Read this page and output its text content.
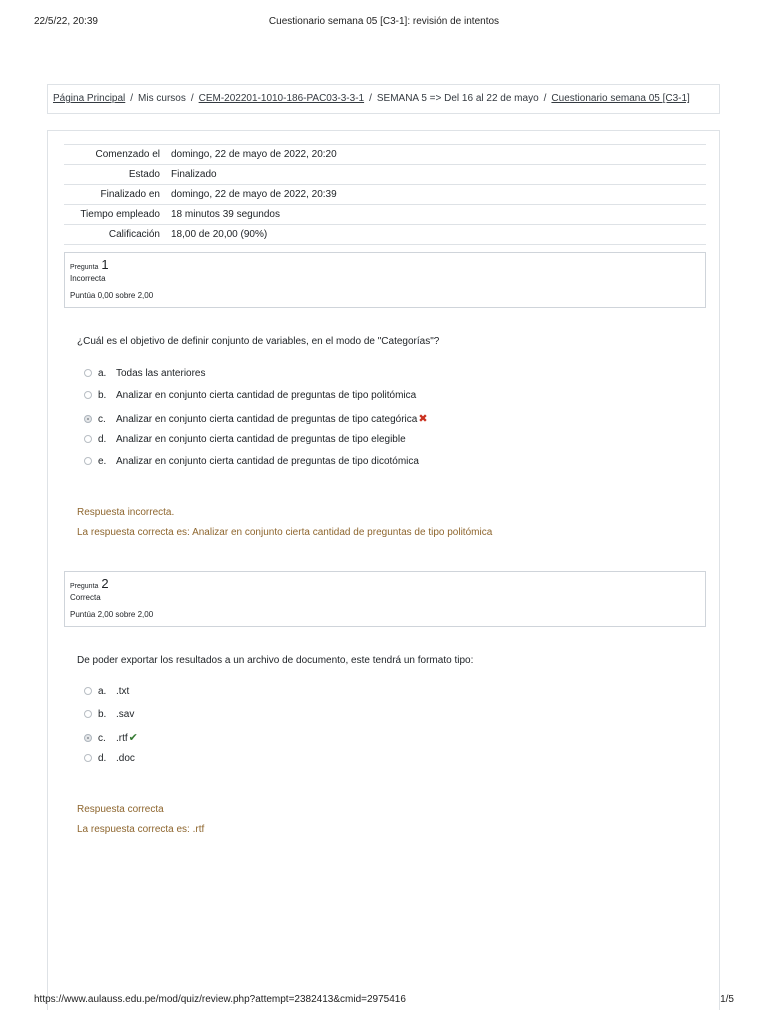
22/5/22, 20:39	Cuestionario semana 05 [C3-1]: revisión de intentos
Página Principal / Mis cursos / CEM-202201-1010-186-PAC03-3-3-1 / SEMANA 5 => Del 16 al 22 de mayo / Cuestionario semana 05 [C3-1]
Comenzado el	domingo, 22 de mayo de 2022, 20:20
Estado	Finalizado
Finalizado en	domingo, 22 de mayo de 2022, 20:39
Tiempo empleado	18 minutos 39 segundos
Calificación	18,00 de 20,00 (90%)
Pregunta 1
Incorrecta
Puntúa 0,00 sobre 2,00
¿Cuál es el objetivo de definir conjunto de variables, en el modo de "Categorías"?
a. Todas las anteriores
b. Analizar en conjunto cierta cantidad de preguntas de tipo politómica
c. Analizar en conjunto cierta cantidad de preguntas de tipo categórica✖
d. Analizar en conjunto cierta cantidad de preguntas de tipo elegible
e. Analizar en conjunto cierta cantidad de preguntas de tipo dicotómica
Respuesta incorrecta.
La respuesta correcta es: Analizar en conjunto cierta cantidad de preguntas de tipo politómica
Pregunta 2
Correcta
Puntúa 2,00 sobre 2,00
De poder exportar los resultados a un archivo de documento, este tendrá un formato tipo:
a. .txt
b. .sav
c. .rtf✔
d. .doc
Respuesta correcta
La respuesta correcta es: .rtf
https://www.aulauss.edu.pe/mod/quiz/review.php?attempt=2382413&cmid=2975416	1/5
